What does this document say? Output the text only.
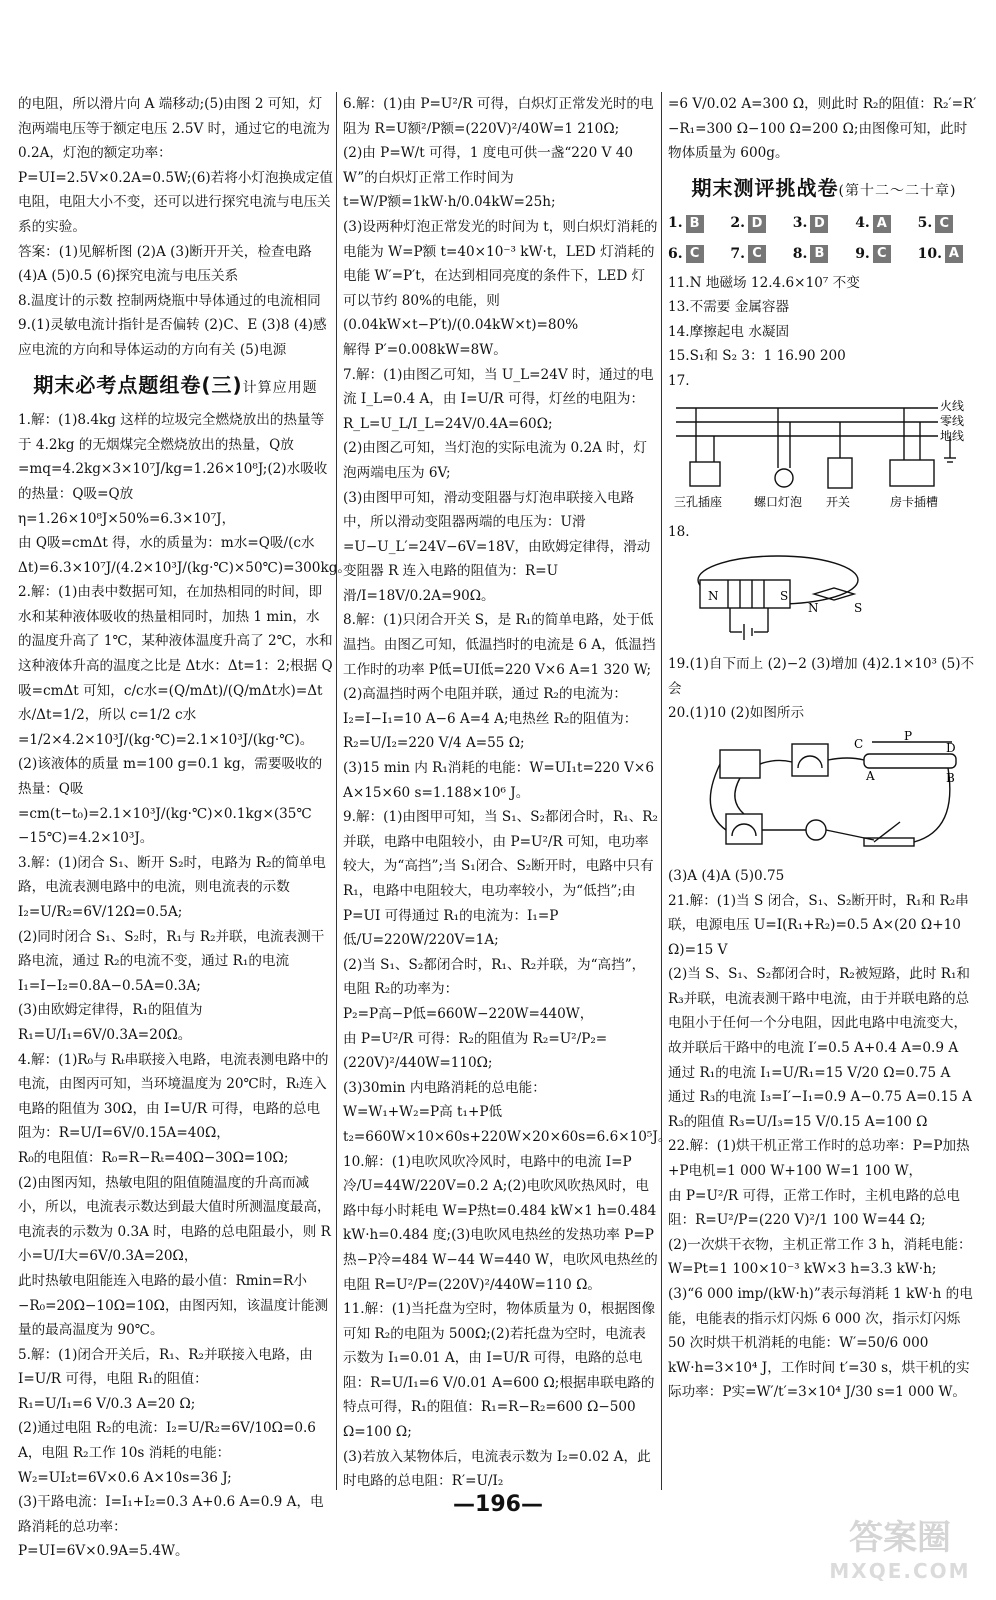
的电阻，所以滑片向 A 端移动;(5)由图 2 可知，灯泡两端电压等于额定电压 2.5V 时，通过它的电流为 0.2A，灯泡的额定功率：P=UI=2.5V×0.2A=0.5W;(6)若将小灯泡换成定值电阻，电阻大小不变，还可以进行探究电流与电压关系的实验。
答案：(1)见解析图 (2)A (3)断开开关，检查电路 (4)A (5)0.5 (6)探究电流与电压关系
8.温度计的示数 控制两烧瓶中导体通过的电流相同
9.(1)灵敏电流计指针是否偏转 (2)C、E (3)8 (4)感应电流的方向和导体运动的方向有关 (5)电源

期末必考点题组卷(三)计算应用题

1.解：(1)8.4kg 这样的垃圾完全燃烧放出的热量等于 4.2kg 的无烟煤完全燃烧放出的热量，Q放=mq=4.2kg×3×10⁷J/kg=1.26×10⁸J;(2)水吸收的热量：Q吸=Q放η=1.26×10⁸J×50%=6.3×10⁷J，
由 Q吸=cmΔt 得，水的质量为：m水=Q吸/(c水Δt)=6.3×10⁷J/(4.2×10³J/(kg·℃)×50℃)=300kg。
2.解：(1)由表中数据可知，在加热相同的时间，即水和某种液体吸收的热量相同时，加热 1 min，水的温度升高了 1℃，某种液体温度升高了 2℃，水和这种液体升高的温度之比是 Δt水：Δt=1：2;根据 Q吸=cmΔt 可知，c/c水=(Q/mΔt)/(Q/mΔt水)=Δt水/Δt=1/2，所以 c=1/2 c水=1/2×4.2×10³J/(kg·℃)=2.1×10³J/(kg·℃)。
(2)该液体的质量 m=100 g=0.1 kg，需要吸收的热量：Q吸=cm(t−t₀)=2.1×10³J/(kg·℃)×0.1kg×(35℃−15℃)=4.2×10³J。
3.解：(1)闭合 S₁、断开 S₂时，电路为 R₂的简单电路，电流表测电路中的电流，则电流表的示数 I₂=U/R₂=6V/12Ω=0.5A;
(2)同时闭合 S₁、S₂时，R₁与 R₂并联，电流表测干路电流，通过 R₂的电流不变，通过 R₁的电流 I₁=I−I₂=0.8A−0.5A=0.3A;
(3)由欧姆定律得，R₁的阻值为 R₁=U/I₁=6V/0.3A=20Ω。
4.解：(1)R₀与 Rₜ串联接入电路，电流表测电路中的电流，由图丙可知，当环境温度为 20℃时，Rₜ连入电路的阻值为 30Ω，由 I=U/R 可得，电路的总电阻为：R=U/I=6V/0.15A=40Ω，
R₀的电阻值：R₀=R−Rₜ=40Ω−30Ω=10Ω;
(2)由图丙知，热敏电阻的阻值随温度的升高而减小，所以，电流表示数达到最大值时所测温度最高，电流表的示数为 0.3A 时，电路的总电阻最小，则 R小=U/I大=6V/0.3A=20Ω，
此时热敏电阻能连入电路的最小值：Rmin=R小−R₀=20Ω−10Ω=10Ω，由图丙知，该温度计能测量的最高温度为 90℃。
5.解：(1)闭合开关后，R₁、R₂并联接入电路，由 I=U/R 可得，电阻 R₁的阻值：
R₁=U/I₁=6 V/0.3 A=20 Ω;
(2)通过电阻 R₂的电流：I₂=U/R₂=6V/10Ω=0.6 A，电阻 R₂工作 10s 消耗的电能：
W₂=UI₂t=6V×0.6 A×10s=36 J;
(3)干路电流：I=I₁+I₂=0.3 A+0.6 A=0.9 A，电路消耗的总功率：
P=UI=6V×0.9A=5.4W。

6.解：(1)由 P=U²/R 可得，白炽灯正常发光时的电阻为 R=U额²/P额=(220V)²/40W=1 210Ω;
(2)由 P=W/t 可得，1 度电可供一盏“220 V 40 W”的白炽灯正常工作时间为
t=W/P额=1kW·h/0.04kW=25h;
(3)设两种灯泡正常发光的时间为 t，则白炽灯消耗的电能为 W=P额 t=40×10⁻³ kW·t，LED 灯消耗的电能 W′=P′t，在达到相同亮度的条件下，LED 灯可以节约 80%的电能，则 (0.04kW×t−P′t)/(0.04kW×t)=80%
解得 P′=0.008kW=8W。
7.解：(1)由图乙可知，当 U_L=24V 时，通过的电流 I_L=0.4 A，由 I=U/R 可得，灯丝的电阻为：R_L=U_L/I_L=24V/0.4A=60Ω;
(2)由图乙可知，当灯泡的实际电流为 0.2A 时，灯泡两端电压为 6V;
(3)由图甲可知，滑动变阻器与灯泡串联接入电路中，所以滑动变阻器两端的电压为：U滑=U−U_L′=24V−6V=18V，由欧姆定律得，滑动变阻器 R 连入电路的阻值为：R=U滑/I=18V/0.2A=90Ω。
8.解：(1)只闭合开关 S，是 R₁的简单电路，处于低温挡。由图乙可知，低温挡时的电流是 6 A，低温挡工作时的功率 P低=UI低=220 V×6 A=1 320 W;
(2)高温挡时两个电阻并联，通过 R₂的电流为：I₂=I−I₁=10 A−6 A=4 A;电热丝 R₂的阻值为：R₂=U/I₂=220 V/4 A=55 Ω;
(3)15 min 内 R₁消耗的电能：W=UI₁t=220 V×6 A×15×60 s=1.188×10⁶ J。
9.解：(1)由图甲可知，当 S₁、S₂都闭合时，R₁、R₂并联，电路中电阻较小，由 P=U²/R 可知，电功率较大，为“高挡”;当 S₁闭合、S₂断开时，电路中只有 R₁，电路中电阻较大，电功率较小，为“低挡”;由 P=UI 可得通过 R₁的电流为：I₁=P低/U=220W/220V=1A;
(2)当 S₁、S₂都闭合时，R₁、R₂并联，为“高挡”，电阻 R₂的功率为：
P₂=P高−P低=660W−220W=440W，
由 P=U²/R 可得：R₂的阻值为 R₂=U²/P₂=(220V)²/440W=110Ω;
(3)30min 内电路消耗的总电能：
W=W₁+W₂=P高 t₁+P低 t₂=660W×10×60s+220W×20×60s=6.6×10⁵J。
10.解：(1)电吹风吹冷风时，电路中的电流 I=P冷/U=44W/220V=0.2 A;(2)电吹风吹热风时，电路中每小时耗电 W=P热t=0.484 kW×1 h=0.484 kW·h=0.484 度;(3)电吹风电热丝的发热功率 P=P热−P冷=484 W−44 W=440 W，电吹风电热丝的电阻 R=U²/P=(220V)²/440W=110 Ω。
11.解：(1)当托盘为空时，物体质量为 0，根据图像可知 R₂的电阻为 500Ω;(2)若托盘为空时，电流表示数为 I₁=0.01 A，由 I=U/R 可得，电路的总电阻：R=U/I₁=6 V/0.01 A=600 Ω;根据串联电路的特点可得，R₁的阻值：R₁=R−R₂=600 Ω−500 Ω=100 Ω;
(3)若放入某物体后，电流表示数为 I₂=0.02 A，此时电路的总电阻：R′=U/I₂

=6 V/0.02 A=300 Ω，则此时 R₂的阻值：R₂′=R′−R₁=300 Ω−100 Ω=200 Ω;由图像可知，此时物体质量为 600g。

期末测评挑战卷(第十二～二十章)
1. B 2. D 3. D 4. A 5. C
6. C	7. C	8. B 9. C	10. A

11.N 地磁场 12.4.6×10⁷ 不变
13.不需要 金属容器
14.摩擦起电 水凝固
15.S₁和 S₂ 3：1 16.90 200
17.

火线
零线
地线
三孔插座	螺口灯泡 开关	房卡插槽

18.

N	S
N	S

19.(1)自下而上 (2)−2 (3)增加 (4)2.1×10³ (5)不会
20.(1)10 (2)如图所示

P
C	D
A	B

(3)A (4)A (5)0.75
21.解：(1)当 S 闭合，S₁、S₂断开时，R₁和 R₂串联，电源电压 U=I(R₁+R₂)=0.5 A×(20 Ω+10 Ω)=15 V
(2)当 S、S₁、S₂都闭合时，R₂被短路，此时 R₁和 R₃并联，电流表测干路中电流，由于并联电路的总电阻小于任何一个分电阻，因此电路中电流变大，故并联后干路中的电流 I′=0.5 A+0.4 A=0.9 A
通过 R₁的电流 I₁=U/R₁=15 V/20 Ω=0.75 A
通过 R₃的电流 I₃=I′−I₁=0.9 A−0.75 A=0.15 A
R₃的阻值 R₃=U/I₃=15 V/0.15 A=100 Ω
22.解：(1)烘干机正常工作时的总功率：P=P加热+P电机=1 000 W+100 W=1 100 W，
由 P=U²/R 可得，正常工作时，主机电路的总电阻：R=U²/P=(220 V)²/1 100 W=44 Ω;
(2)一次烘干衣物，主机正常工作 3 h，消耗电能：W=Pt=1 100×10⁻³ kW×3 h=3.3 kW·h;
(3)“6 000 imp/(kW·h)”表示每消耗 1 kW·h 的电能，电能表的指示灯闪烁 6 000 次，指示灯闪烁 50 次时烘干机消耗的电能：W′=50/6 000 kW·h=3×10⁴ J，工作时间 t′=30 s，烘干机的实际功率：P实=W′/t′=3×10⁴ J/30 s=1 000 W。

—196—
答案圈
MXQE.COM
